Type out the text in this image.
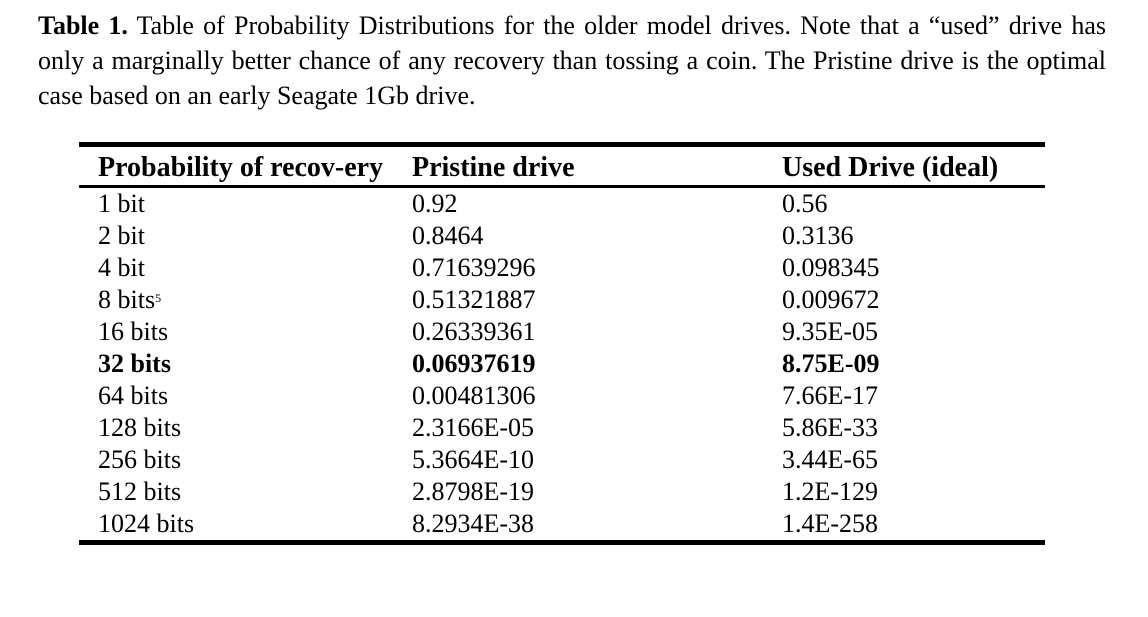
Table 1. Table of Probability Distributions for the older model drives. Note that a “used” drive has only a marginally better chance of any recovery than tossing a coin. The Pristine drive is the optimal case based on an early Seagate 1Gb drive.
Probability of recov-ery	Pristine drive	Used Drive (ideal)
1 bit	0.92	0.56
2 bit	0.8464	0.3136
4 bit	0.71639296	0.098345
8 bits$^5$	0.51321887	0.009672
16 bits	0.26339361	9.35E-05
32 bits	0.06937619	8.75E-09
64 bits	0.00481306	7.66E-17
128 bits	2.3166E-05	5.86E-33
256 bits	5.3664E-10	3.44E-65
512 bits	2.8798E-19	1.2E-129
1024 bits	8.2934E-38	1.4E-258
